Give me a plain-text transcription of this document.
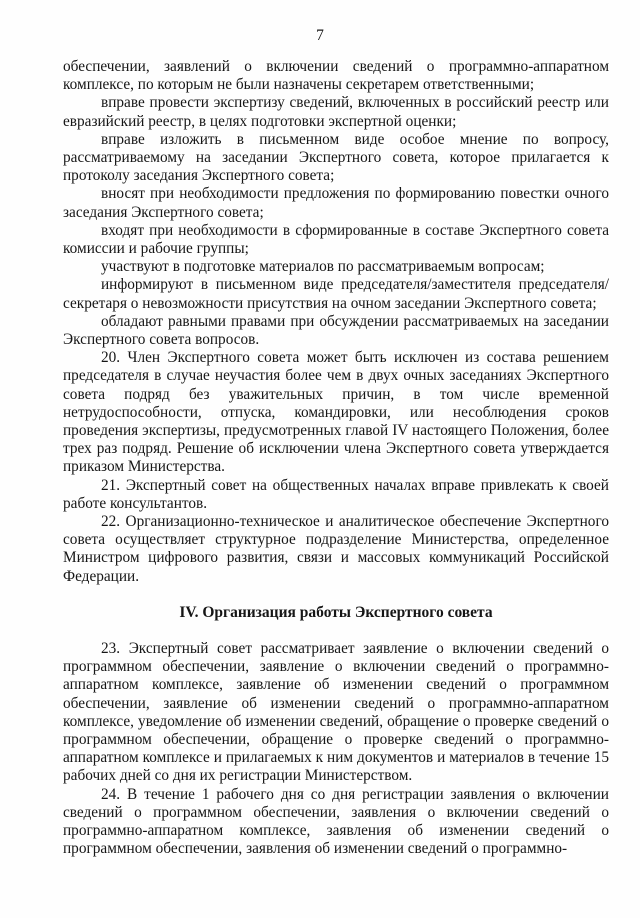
7

обеспечении, заявлений о включении сведений о программно-аппаратном комплексе, по которым не были назначены секретарем ответственными;

вправе провести экспертизу сведений, включенных в российский реестр или евразийский реестр, в целях подготовки экспертной оценки;

вправе изложить в письменном виде особое мнение по вопросу, рассматриваемому на заседании Экспертного совета, которое прилагается к протоколу заседания Экспертного совета;

вносят при необходимости предложения по формированию повестки очного заседания Экспертного совета;

входят при необходимости в сформированные в составе Экспертного совета комиссии и рабочие группы;

участвуют в подготовке материалов по рассматриваемым вопросам;

информируют в письменном виде председателя/заместителя председателя/секретаря о невозможности присутствия на очном заседании Экспертного совета;

обладают равными правами при обсуждении рассматриваемых на заседании Экспертного совета вопросов.

20. Член Экспертного совета может быть исключен из состава решением председателя в случае неучастия более чем в двух очных заседаниях Экспертного совета подряд без уважительных причин, в том числе временной нетрудоспособности, отпуска, командировки, или несоблюдения сроков проведения экспертизы, предусмотренных главой IV настоящего Положения, более трех раз подряд. Решение об исключении члена Экспертного совета утверждается приказом Министерства.

21. Экспертный совет на общественных началах вправе привлекать к своей работе консультантов.

22. Организационно-техническое и аналитическое обеспечение Экспертного совета осуществляет структурное подразделение Министерства, определенное Министром цифрового развития, связи и массовых коммуникаций Российской Федерации.

IV. Организация работы Экспертного совета

23. Экспертный совет рассматривает заявление о включении сведений о программном обеспечении, заявление о включении сведений о программно-аппаратном комплексе, заявление об изменении сведений о программном обеспечении, заявление об изменении сведений о программно-аппаратном комплексе, уведомление об изменении сведений, обращение о проверке сведений о программном обеспечении, обращение о проверке сведений о программно-аппаратном комплексе и прилагаемых к ним документов и материалов в течение 15 рабочих дней со дня их регистрации Министерством.

24. В течение 1 рабочего дня со дня регистрации заявления о включении сведений о программном обеспечении, заявления о включении сведений о программно-аппаратном комплексе, заявления об изменении сведений о программном обеспечении, заявления об изменении сведений о программно-
